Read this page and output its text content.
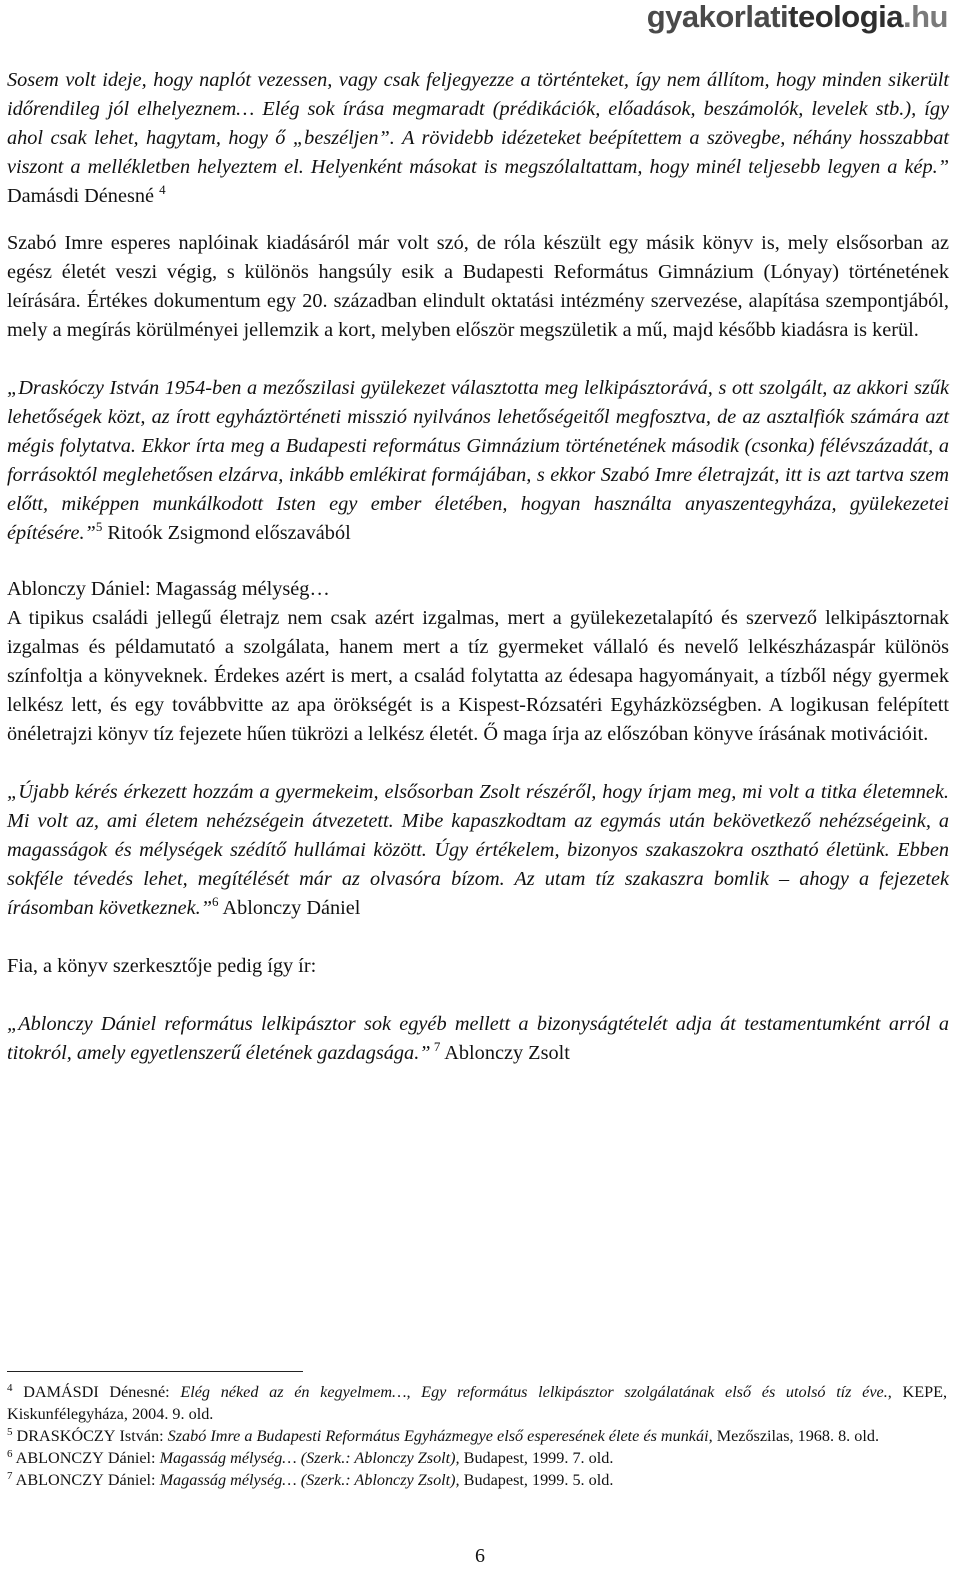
gyakorlatiteologia.hu

Sosem volt ideje, hogy naplót vezessen, vagy csak feljegyezze a történteket, így nem állítom, hogy minden sikerült időrendileg jól elhelyeznem… Elég sok írása megmaradt (prédikációk, előadások, beszámolók, levelek stb.), így ahol csak lehet, hagytam, hogy ő „beszéljen”. A rövidebb idézeteket beépítettem a szövegbe, néhány hosszabbat viszont a mellékletben helyeztem el. Helyenként másokat is megszólaltattam, hogy minél teljesebb legyen a kép.” Damásdi Dénesné $^4$

Szabó Imre esperes naplóinak kiadásáról már volt szó, de róla készült egy másik könyv is, mely elsősorban az egész életét veszi végig, s különös hangsúly esik a Budapesti Református Gimnázium (Lónyay) történetének leírására. Értékes dokumentum egy 20. században elindult oktatási intézmény szervezése, alapítása szempontjából, mely a megírás körülményei jellemzik a kort, melyben először megszületik a mű, majd később kiadásra is kerül.

„Draskóczy István 1954-ben a mezőszilasi gyülekezet választotta meg lelkipásztorává, s ott szolgált, az akkori szűk lehetőségek közt, az írott egyháztörténeti misszió nyilvános lehetőségeitől megfosztva, de az asztalfiók számára azt mégis folytatva. Ekkor írta meg a Budapesti református Gimnázium történetének második (csonka) félévszázadát, a forrásoktól meglehetősen elzárva, inkább emlékirat formájában, s ekkor Szabó Imre életrajzát, itt is azt tartva szem előtt, miképpen munkálkodott Isten egy ember életében, hogyan használta anyaszentegyháza, gyülekezetei építésére.”$^5$ Ritoók Zsigmond előszavából

Ablonczy Dániel: Magasság mélység…

A tipikus családi jellegű életrajz nem csak azért izgalmas, mert a gyülekezetalapító és szervező lelkipásztornak izgalmas és példamutató a szolgálata, hanem mert a tíz gyermeket vállaló és nevelő lelkészházaspár különös színfoltja a könyveknek. Érdekes azért is mert, a család folytatta az édesapa hagyományait, a tízből négy gyermek lelkész lett, és egy továbbvitte az apa örökségét is a Kispest-Rózsatéri Egyházközségben. A logikusan felépített önéletrajzi könyv tíz fejezete hűen tükrözi a lelkész életét. Ő maga írja az előszóban könyve írásának motivációit.

„Újabb kérés érkezett hozzám a gyermekeim, elsősorban Zsolt részéről, hogy írjam meg, mi volt a titka életemnek. Mi volt az, ami életem nehézségein átvezetett. Mibe kapaszkodtam az egymás után bekövetkező nehézségeink, a magasságok és mélységek szédítő hullámai között. Úgy értékelem, bizonyos szakaszokra osztható életünk. Ebben sokféle tévedés lehet, megítélését már az olvasóra bízom. Az utam tíz szakaszra bomlik – ahogy a fejezetek írásomban következnek.”$^6$ Ablonczy Dániel

Fia, a könyv szerkesztője pedig így ír:

„Ablonczy Dániel református lelkipásztor sok egyéb mellett a bizonyságtételét adja át testamentumként arról a titokról, amely egyetlenszerű életének gazdagsága.” $^7$ Ablonczy Zsolt

$^4$ DAMÁSDI Dénesné: Elég néked az én kegyelmem…, Egy református lelkipásztor szolgálatának első és utolsó tíz éve., KEPE, Kiskunfélegyháza, 2004. 9. old.

$^5$ DRASKÓCZY István: Szabó Imre a Budapesti Református Egyházmegye első esperesének élete és munkái, Mezőszilas, 1968. 8. old.

$^6$ ABLONCZY Dániel: Magasság mélység… (Szerk.: Ablonczy Zsolt), Budapest, 1999. 7. old.

$^7$ ABLONCZY Dániel: Magasság mélység… (Szerk.: Ablonczy Zsolt), Budapest, 1999. 5. old.

6
